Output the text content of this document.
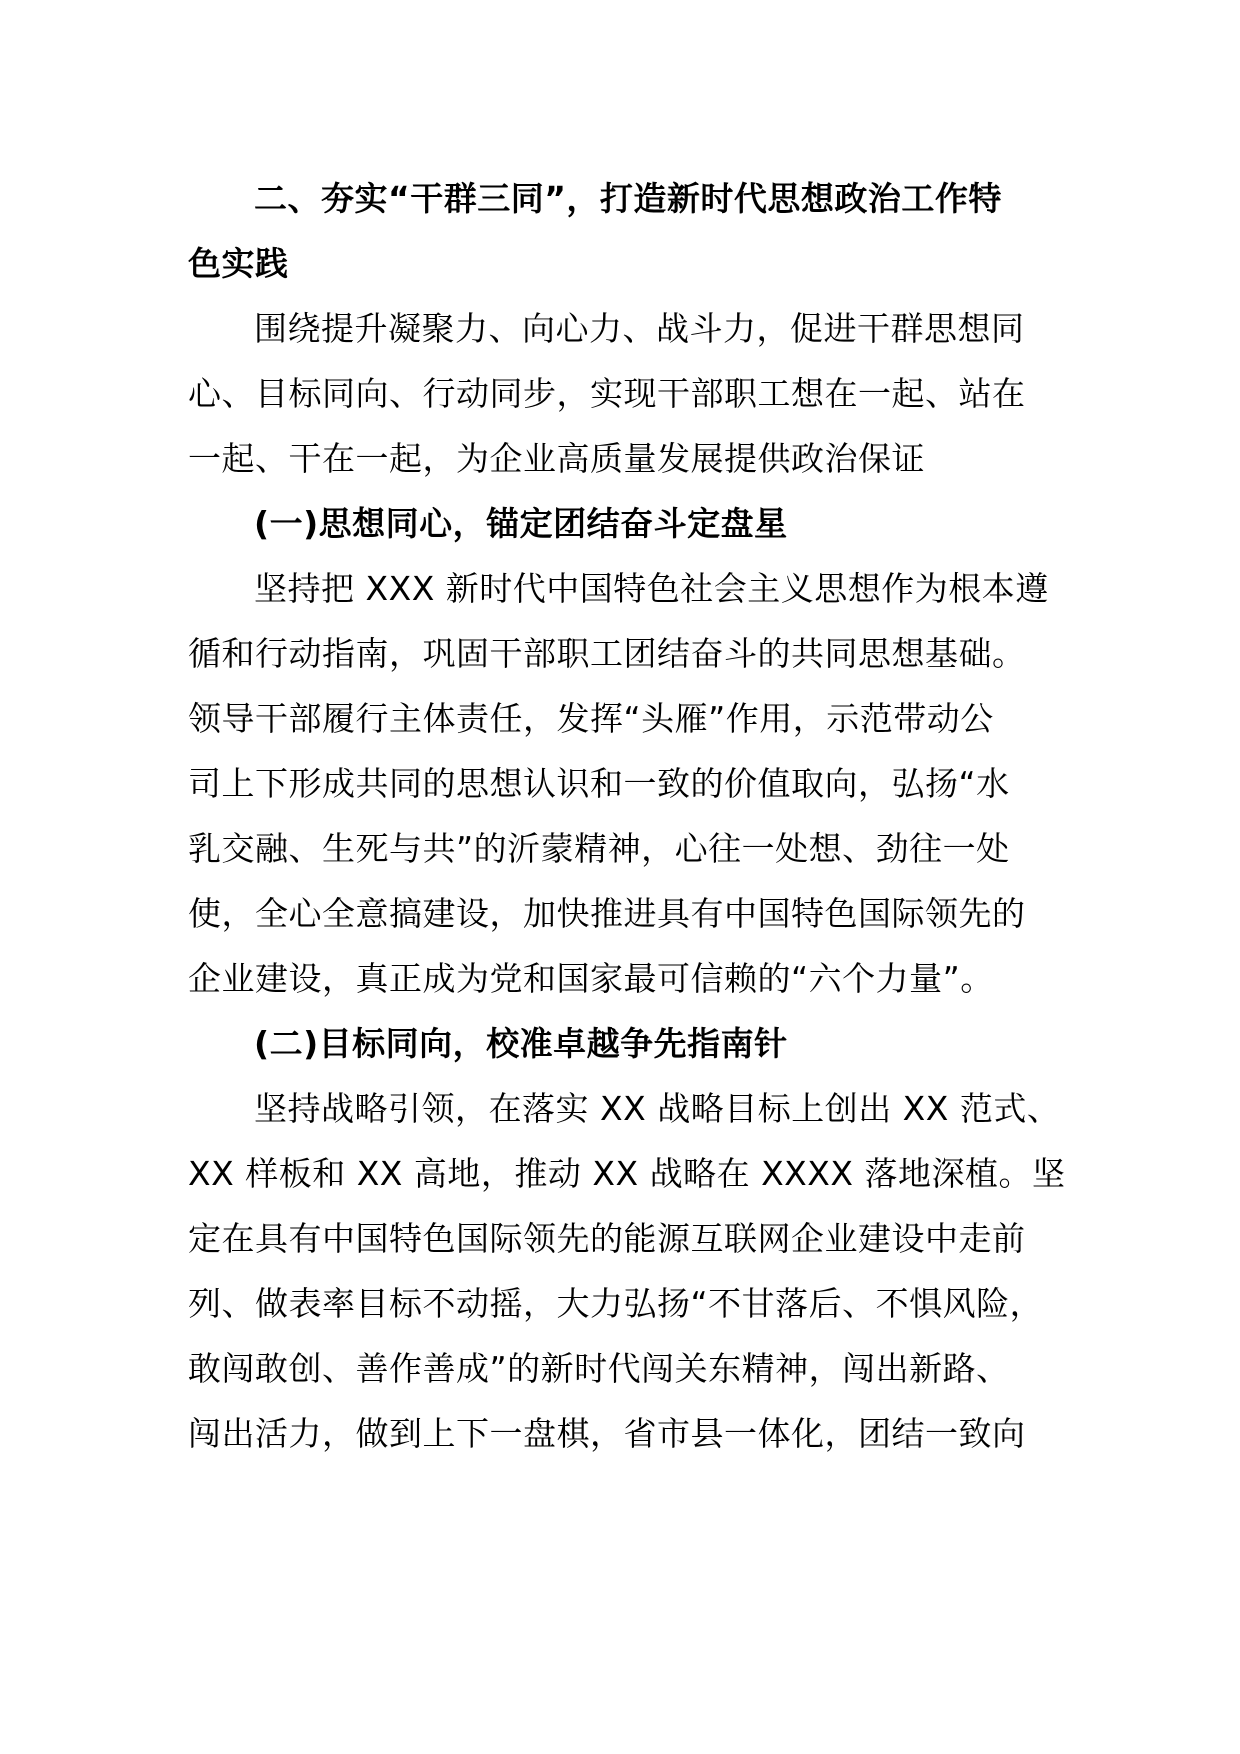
二、夯实“干群三同”，打造新时代思想政治工作特
色实践
围绕提升凝聚力、向心力、战斗力，促进干群思想同
心、目标同向、行动同步，实现干部职工想在一起、站在
一起、干在一起，为企业高质量发展提供政治保证
(一)思想同心，锚定团结奋斗定盘星
坚持把 XXX 新时代中国特色社会主义思想作为根本遵
循和行动指南，巩固干部职工团结奋斗的共同思想基础。
领导干部履行主体责任，发挥“头雁”作用，示范带动公
司上下形成共同的思想认识和一致的价值取向，弘扬“水
乳交融、生死与共”的沂蒙精神，心往一处想、劲往一处
使，全心全意搞建设，加快推进具有中国特色国际领先的
企业建设，真正成为党和国家最可信赖的“六个力量”。
(二)目标同向，校准卓越争先指南针
坚持战略引领，在落实 XX 战略目标上创出 XX 范式、
XX 样板和 XX 高地，推动 XX 战略在 XXXX 落地深植。坚
定在具有中国特色国际领先的能源互联网企业建设中走前
列、做表率目标不动摇，大力弘扬“不甘落后、不惧风险，
敢闯敢创、善作善成”的新时代闯关东精神，闯出新路、
闯出活力，做到上下一盘棋，省市县一体化，团结一致向
